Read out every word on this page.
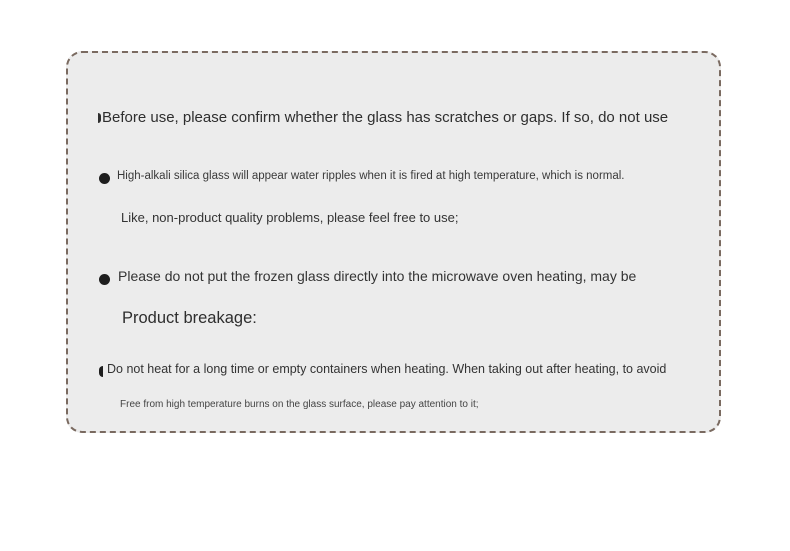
Before use, please confirm whether the glass has scratches or gaps. If so, do not use
High-alkali silica glass will appear water ripples when it is fired at high temperature, which is normal.
Like, non-product quality problems, please feel free to use;
Please do not put the frozen glass directly into the microwave oven heating, may be
Product breakage:
Do not heat for a long time or empty containers when heating. When taking out after heating, to avoid
Free from high temperature burns on the glass surface, please pay attention to it;
